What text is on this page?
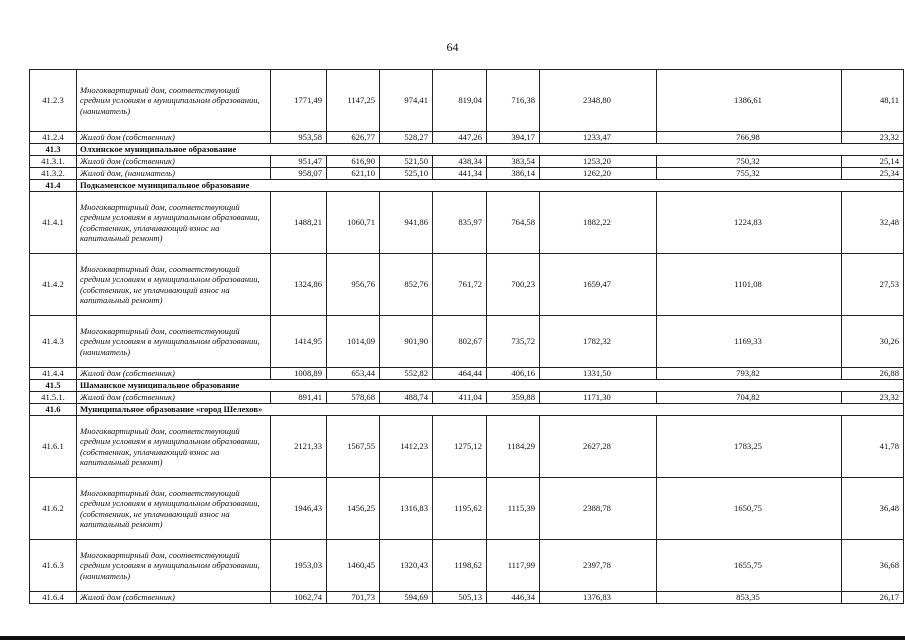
64
41.2.3	Многоквартирный дом, соответствующий средним условиям в муниципальном образовании, (наниматель)	1771,49	1147,25	974,41	819,04	716,38	2348,80	1386,61	48,11
41.2.4	Жилой дом (собственник)	953,58	626,77	528,27	447,26	394,17	1233,47	766,98	23,32
41.3	Олхинское муниципальное образование								
41.3.1.	Жилой дом (собственник)	951,47	616,90	521,50	438,34	383,54	1253,20	750,32	25,14
41.3.2.	Жилой дом, (наниматель)	958,07	621,10	525,10	441,34	386,14	1262,20	755,32	25,34
41.4	Подкаменское муниципальное образование								
41.4.1	Многоквартирный дом, соответствующий средним условиям в муниципальном образовании, (собственник, уплачивающий взнос на капитальный ремонт)	1488,21	1060,71	941,86	835,97	764,58	1882,22	1224,83	32,48
41.4.2	Многоквартирный дом, соответствующий средним условиям в муниципальном образовании, (собственник, не уплачивающий взнос на капитальный ремонт)	1324,86	956,76	852,76	761,72	700,23	1659,47	1101,08	27,53
41.4.3	Многоквартирный дом, соответствующий средним условиям в муниципальном образовании, (наниматель)	1414,95	1014,09	901,90	802,67	735,72	1782,32	1169,33	30,26
41.4.4	Жилой дом (собственник)	1008,89	653,44	552,82	464,44	406,16	1331,50	793,82	26,88
41.5	Шаманское муниципальное образование								
41.5.1.	Жилой дом (собственник)	891,41	578,68	488,74	411,04	359,88	1171,30	704,82	23,32
41.6	Муниципальное образование «город Шелехов»								
41.6.1	Многоквартирный дом, соответствующий средним условиям в муниципальном образовании, (собственник, уплачивающий взнос на капитальный ремонт)	2121,33	1567,55	1412,23	1275,12	1184,29	2627,28	1783,25	41,78
41.6.2	Многоквартирный дом, соответствующий средним условиям в муниципальном образовании, (собственник, не уплачивающий взнос на капитальный ремонт)	1946,43	1456,25	1316,83	1195,62	1115,39	2388,78	1650,75	36,48
41.6.3	Многоквартирный дом, соответствующий средним условиям в муниципальном образовании, (наниматель)	1953,03	1460,45	1320,43	1198,62	1117,99	2397,78	1655,75	36,68
41.6.4	Жилой дом (собственник)	1062,74	701,73	594,69	505,13	446,34	1376,83	853,35	26,17
